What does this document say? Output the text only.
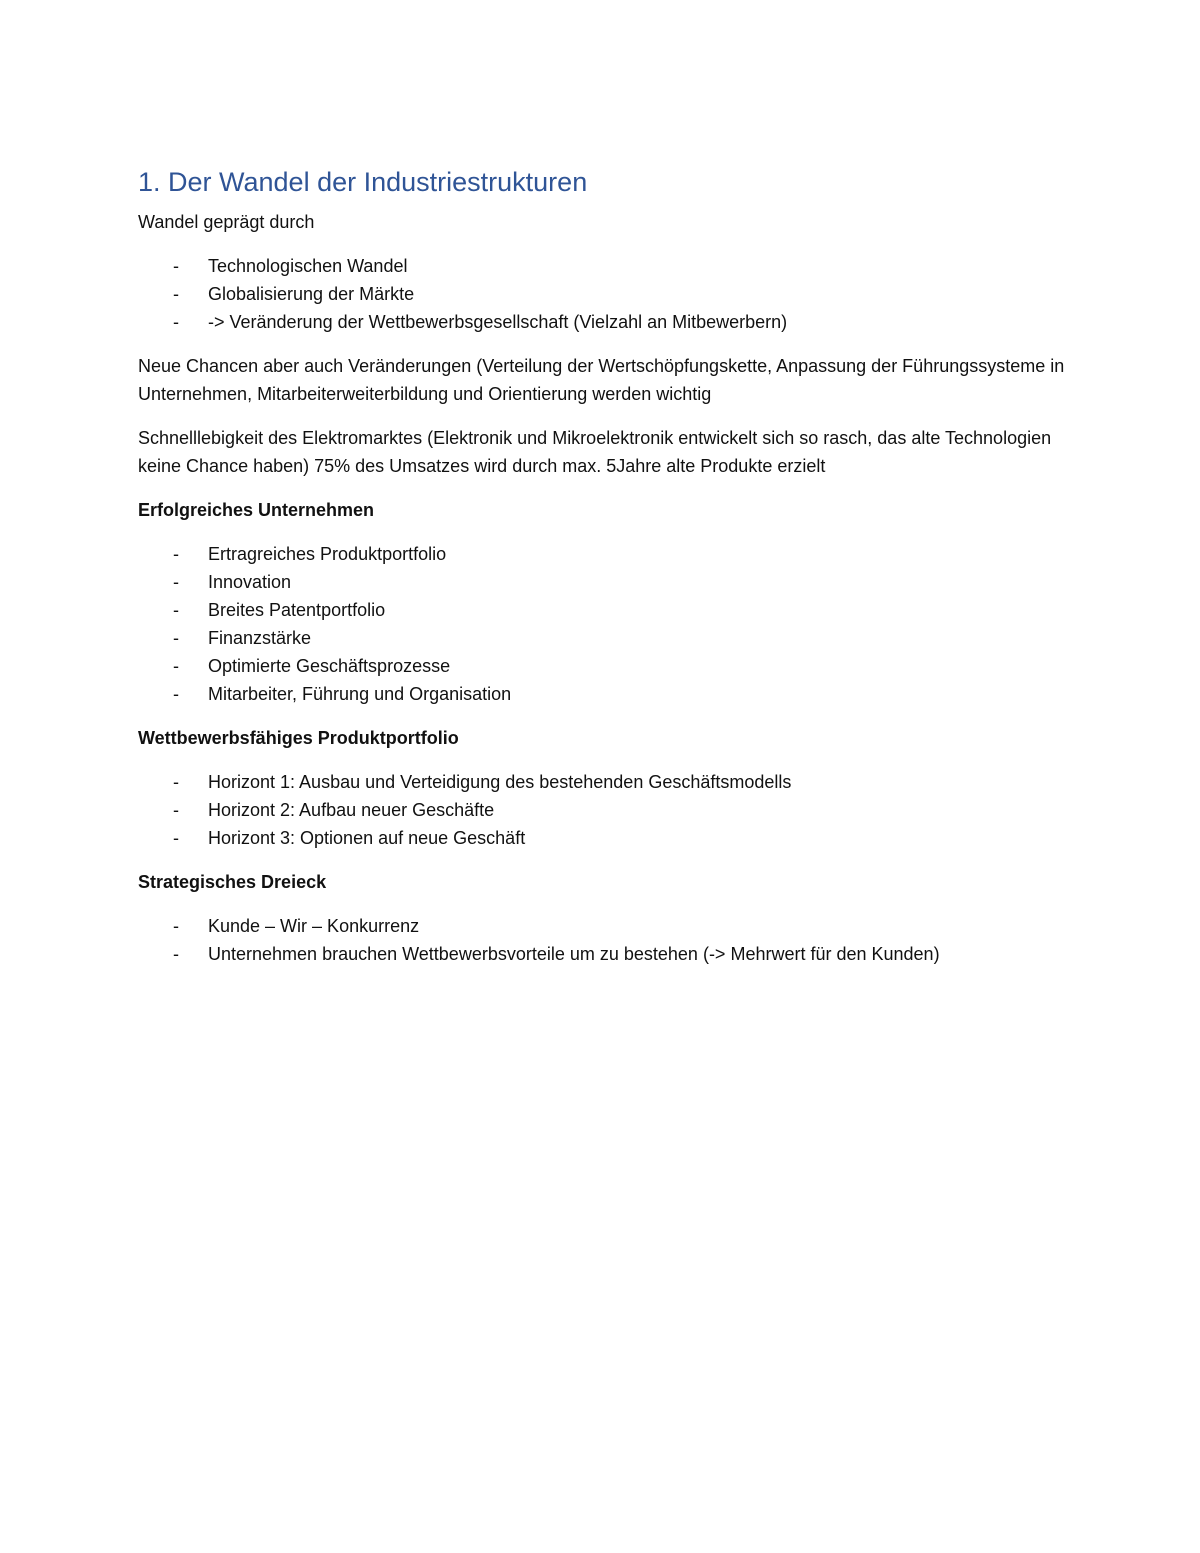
1. Der Wandel der Industriestrukturen

Wandel geprägt durch

-	Technologischen Wandel
-	Globalisierung der Märkte
-	-> Veränderung der Wettbewerbsgesellschaft (Vielzahl an Mitbewerbern)

Neue Chancen aber auch Veränderungen (Verteilung der Wertschöpfungskette, Anpassung der Führungssysteme in Unternehmen, Mitarbeiterweiterbildung und Orientierung werden wichtig

Schnelllebigkeit des Elektromarktes (Elektronik und Mikroelektronik entwickelt sich so rasch, das alte Technologien keine Chance haben) 75% des Umsatzes wird durch max. 5Jahre alte Produkte erzielt

Erfolgreiches Unternehmen

-	Ertragreiches Produktportfolio
-	Innovation
-	Breites Patentportfolio
-	Finanzstärke
-	Optimierte Geschäftsprozesse
-	Mitarbeiter, Führung und Organisation

Wettbewerbsfähiges Produktportfolio

-	Horizont 1: Ausbau und Verteidigung des bestehenden Geschäftsmodells
-	Horizont 2: Aufbau neuer Geschäfte
-	Horizont 3: Optionen auf neue Geschäft

Strategisches Dreieck

-	Kunde – Wir – Konkurrenz
-	Unternehmen brauchen Wettbewerbsvorteile um zu bestehen (-> Mehrwert für den Kunden)
